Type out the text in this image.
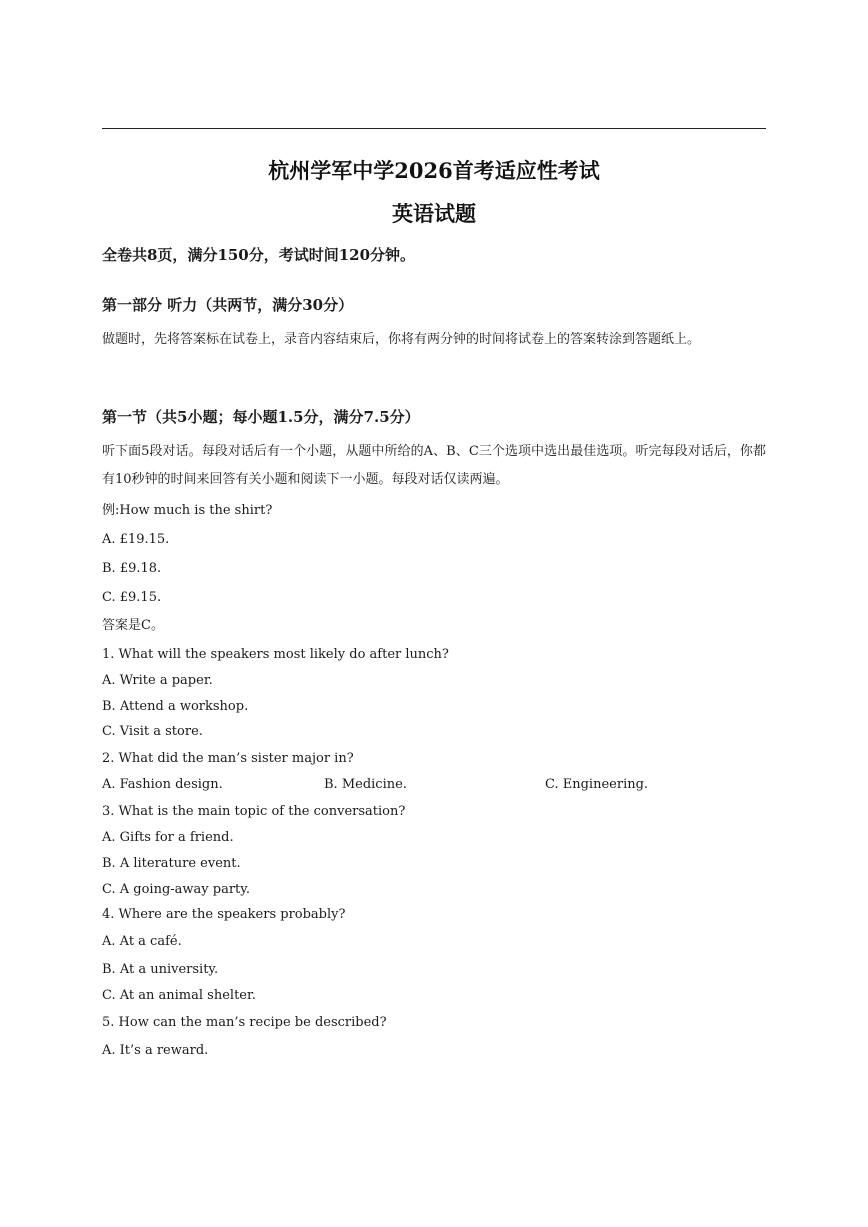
杭州学军中学2026首考适应性考试
英语试题
全卷共8页，满分150分，考试时间120分钟。
第一部分 听力（共两节，满分30分）
做题时，先将答案标在试卷上，录音内容结束后，你将有两分钟的时间将试卷上的答案转涂到答题纸上。
第一节（共5小题；每小题1.5分，满分7.5分）
听下面5段对话。每段对话后有一个小题，从题中所给的A、B、C三个选项中选出最佳选项。听完每段对话后，你都有10秒钟的时间来回答有关小题和阅读下一小题。每段对话仅读两遍。
例:How much is the shirt?
A. £19.15.
B. £9.18.
C. £9.15.
答案是C。
1. What will the speakers most likely do after lunch?
A. Write a paper.
B. Attend a workshop.
C. Visit a store.
2. What did the man’s sister major in?
A. Fashion design.	B. Medicine.	C. Engineering.
3. What is the main topic of the conversation?
A. Gifts for a friend.
B. A literature event.
C. A going-away party.
4. Where are the speakers probably?
A. At a café.
B. At a university.
C. At an animal shelter.
5. How can the man’s recipe be described?
A. It’s a reward.
